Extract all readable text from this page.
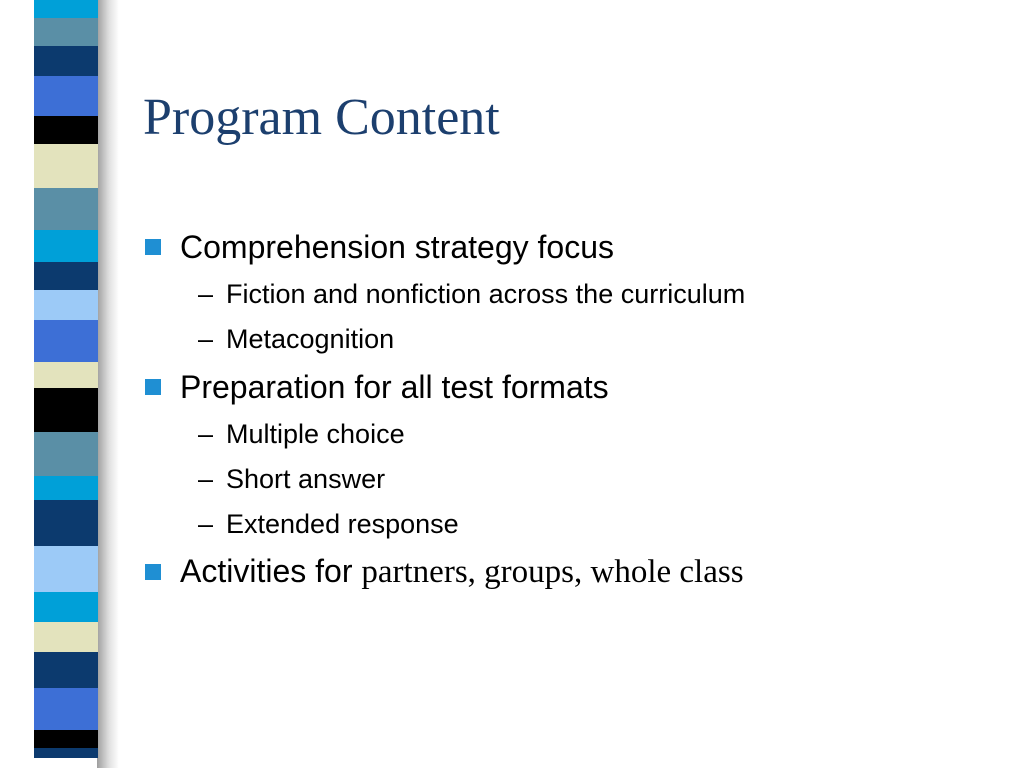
Program Content
Comprehension strategy focus
– Fiction and nonfiction across the curriculum
– Metacognition
Preparation for all test formats
– Multiple choice
– Short answer
– Extended response
Activities for partners, groups, whole class
